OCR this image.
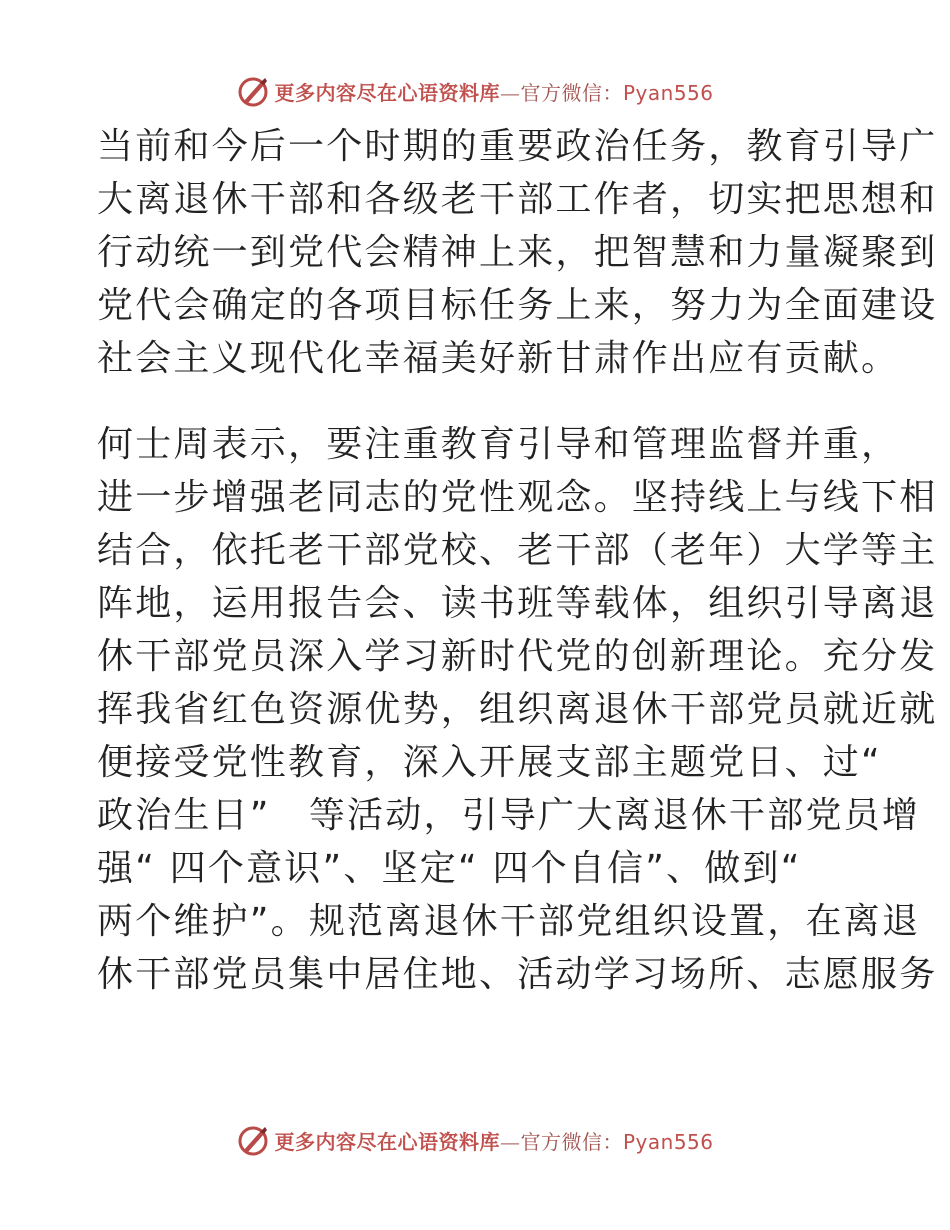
更多内容尽在心语资料库—官方微信：Pyan556
当前和今后一个时期的重要政治任务，教育引导广
大离退休干部和各级老干部工作者，切实把思想和
行动统一到党代会精神上来，把智慧和力量凝聚到
党代会确定的各项目标任务上来，努力为全面建设
社会主义现代化幸福美好新甘肃作出应有贡献。
何士周表示，要注重教育引导和管理监督并重，
进一步增强老同志的党性观念。坚持线上与线下相
结合，依托老干部党校、老干部（老年）大学等主
阵地，运用报告会、读书班等载体，组织引导离退
休干部党员深入学习新时代党的创新理论。充分发
挥我省红色资源优势，组织离退休干部党员就近就
便接受党性教育，深入开展支部主题党日、过“
政治生日”　等活动，引导广大离退休干部党员增
强“ 四个意识”、坚定“ 四个自信”、做到“
两个维护”。规范离退休干部党组织设置，在离退
休干部党员集中居住地、活动学习场所、志愿服务
更多内容尽在心语资料库—官方微信：Pyan556
